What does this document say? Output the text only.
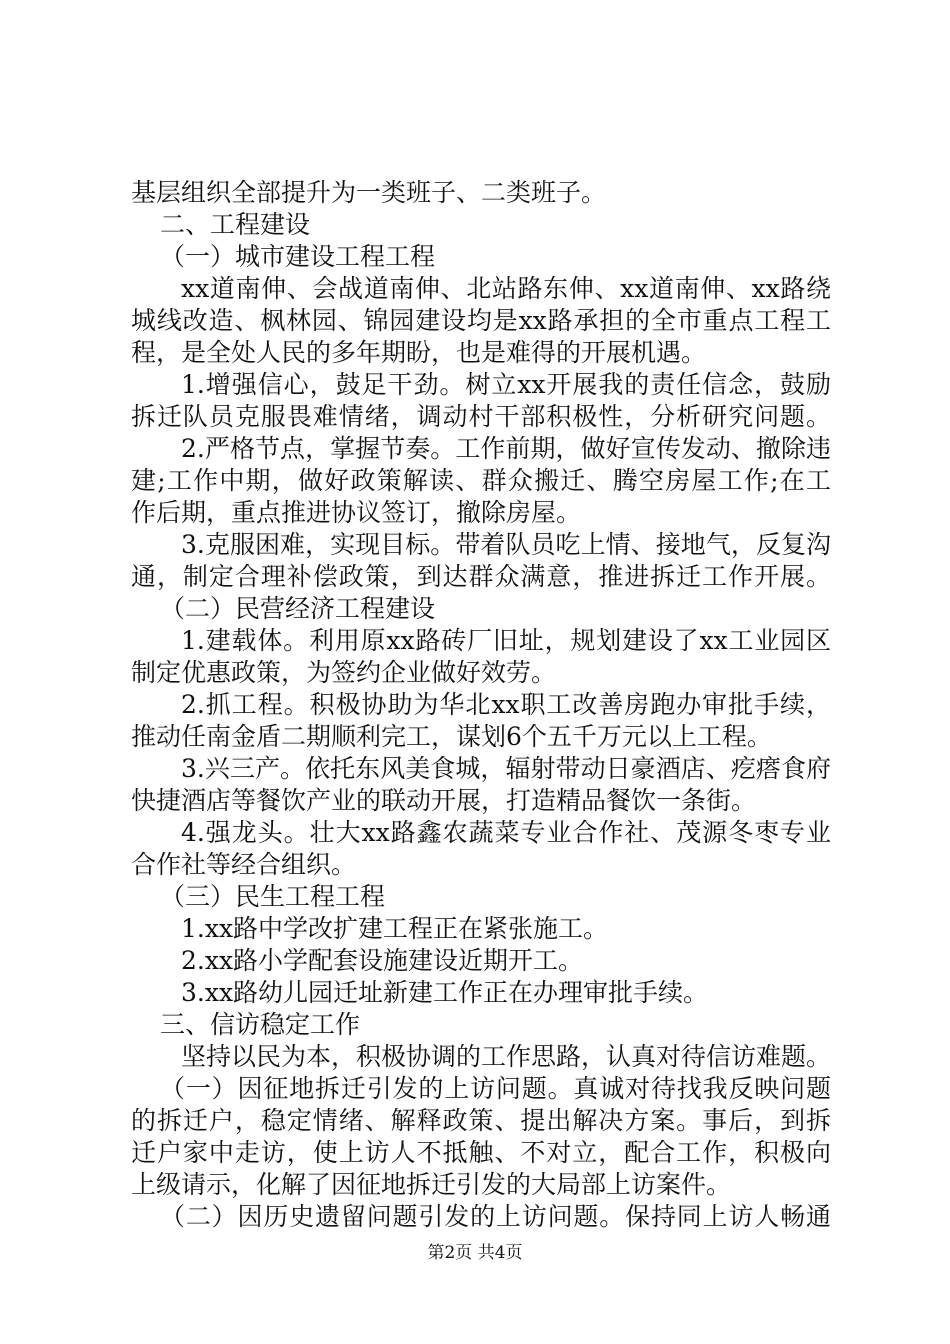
基层组织全部提升为一类班子、二类班子。
二、工程建设
（一）城市建设工程工程
xx道南伸、会战道南伸、北站路东伸、xx道南伸、xx路绕
城线改造、枫林园、锦园建设均是xx路承担的全市重点工程工
程，是全处人民的多年期盼，也是难得的开展机遇。
1.增强信心，鼓足干劲。树立xx开展我的责任信念，鼓励
拆迁队员克服畏难情绪，调动村干部积极性，分析研究问题。
2.严格节点，掌握节奏。工作前期，做好宣传发动、撤除违
建;工作中期，做好政策解读、群众搬迁、腾空房屋工作;在工
作后期，重点推进协议签订，撤除房屋。
3.克服困难，实现目标。带着队员吃上情、接地气，反复沟
通，制定合理补偿政策，到达群众满意，推进拆迁工作开展。
（二）民营经济工程建设
1.建载体。利用原xx路砖厂旧址，规划建设了xx工业园区
制定优惠政策，为签约企业做好效劳。
2.抓工程。积极协助为华北xx职工改善房跑办审批手续，
推动任南金盾二期顺利完工，谋划6个五千万元以上工程。
3.兴三产。依托东风美食城，辐射带动日豪酒店、疙瘩食府
快捷酒店等餐饮产业的联动开展，打造精品餐饮一条街。
4.强龙头。壮大xx路鑫农蔬菜专业合作社、茂源冬枣专业
合作社等经合组织。
（三）民生工程工程
1.xx路中学改扩建工程正在紧张施工。
2.xx路小学配套设施建设近期开工。
3.xx路幼儿园迁址新建工作正在办理审批手续。
三、信访稳定工作
坚持以民为本，积极协调的工作思路，认真对待信访难题。
（一）因征地拆迁引发的上访问题。真诚对待找我反映问题
的拆迁户，稳定情绪、解释政策、提出解决方案。事后，到拆
迁户家中走访，使上访人不抵触、不对立，配合工作，积极向
上级请示，化解了因征地拆迁引发的大局部上访案件。
（二）因历史遗留问题引发的上访问题。保持同上访人畅通
第2页 共4页
